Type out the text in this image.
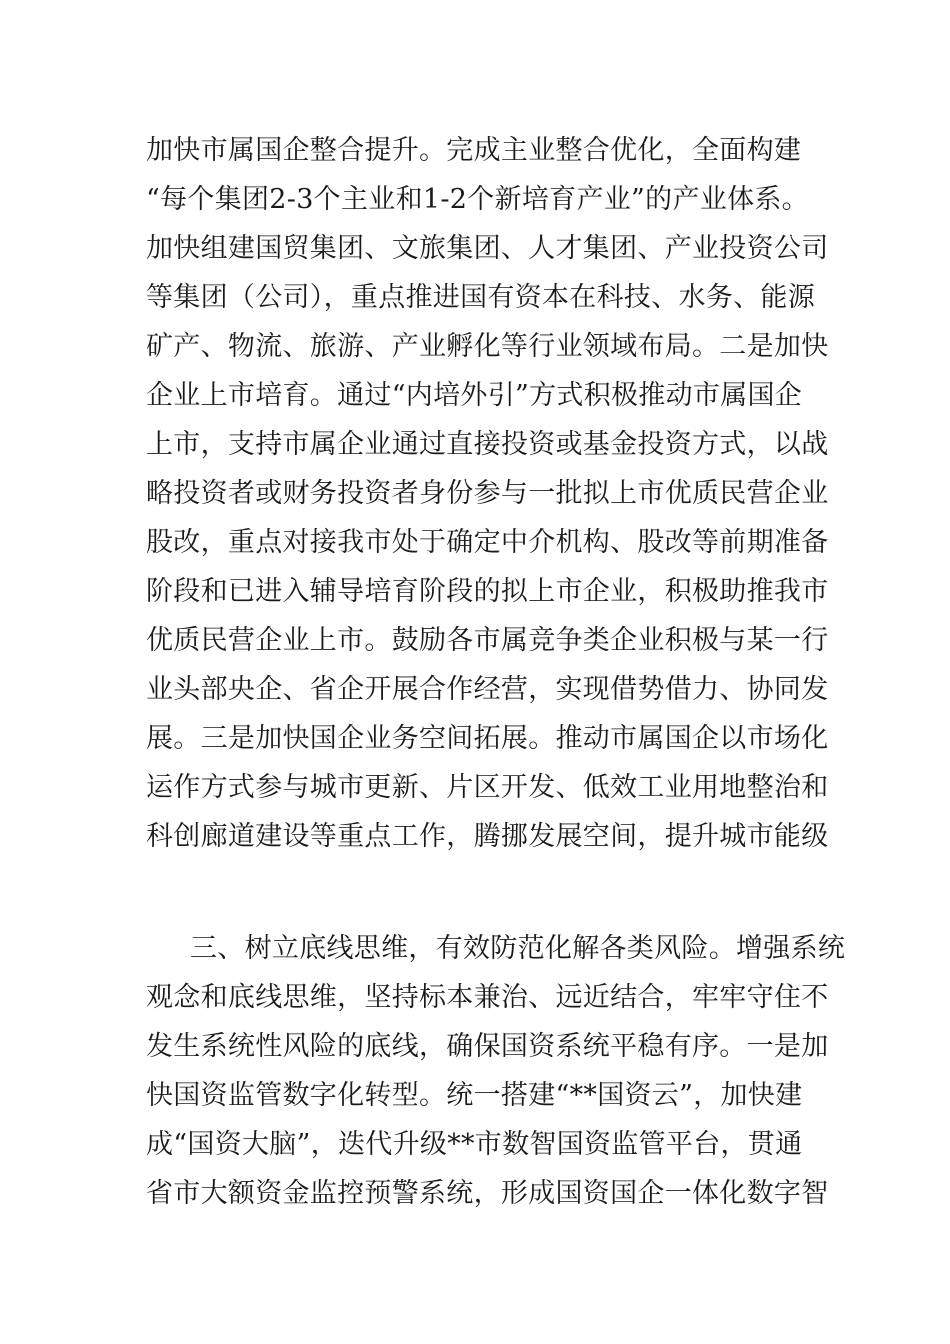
加快市属国企整合提升。完成主业整合优化，全面构建
“每个集团2-3个主业和1-2个新培育产业”的产业体系。
加快组建国贸集团、文旅集团、人才集团、产业投资公司
等集团（公司），重点推进国有资本在科技、水务、能源
矿产、物流、旅游、产业孵化等行业领域布局。二是加快
企业上市培育。通过“内培外引”方式积极推动市属国企
上市，支持市属企业通过直接投资或基金投资方式，以战
略投资者或财务投资者身份参与一批拟上市优质民营企业
股改，重点对接我市处于确定中介机构、股改等前期准备
阶段和已进入辅导培育阶段的拟上市企业，积极助推我市
优质民营企业上市。鼓励各市属竞争类企业积极与某一行
业头部央企、省企开展合作经营，实现借势借力、协同发
展。三是加快国企业务空间拓展。推动市属国企以市场化
运作方式参与城市更新、片区开发、低效工业用地整治和
科创廊道建设等重点工作，腾挪发展空间，提升城市能级
三、树立底线思维，有效防范化解各类风险。增强系统
观念和底线思维，坚持标本兼治、远近结合，牢牢守住不
发生系统性风险的底线，确保国资系统平稳有序。一是加
快国资监管数字化转型。统一搭建“**国资云”，加快建
成“国资大脑”，迭代升级**市数智国资监管平台，贯通
省市大额资金监控预警系统，形成国资国企一体化数字智
